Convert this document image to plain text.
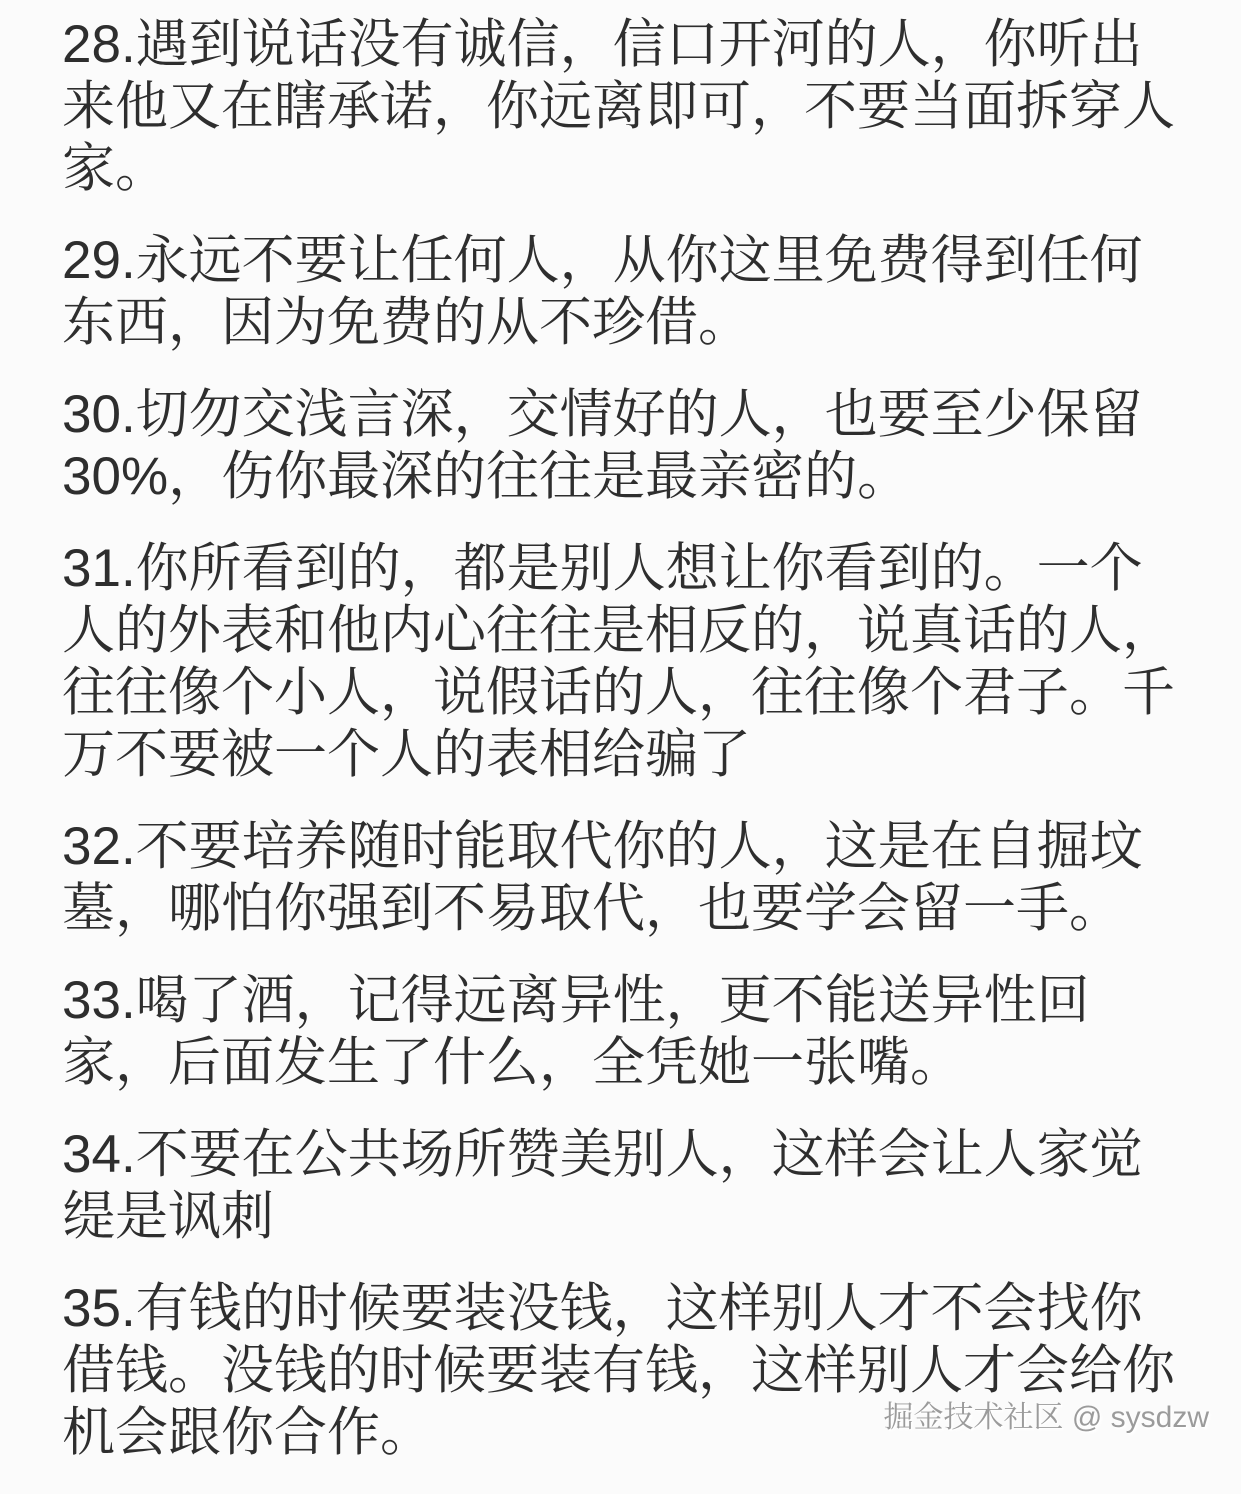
28.遇到说话没有诚信，信口开河的人，你听出来他又在瞎承诺，你远离即可，不要当面拆穿人家。

29.永远不要让任何人，从你这里免费得到任何东西，因为免费的从不珍借。

30.切勿交浅言深，交情好的人，也要至少保留30%，伤你最深的往往是最亲密的。

31.你所看到的，都是别人想让你看到的。一个人的外表和他内心往往是相反的，说真话的人，往往像个小人，说假话的人，往往像个君子。千万不要被一个人的表相给骗了

32.不要培养随时能取代你的人，这是在自掘坟墓，哪怕你强到不易取代，也要学会留一手。

33.喝了酒，记得远离异性，更不能送异性回家，后面发生了什么，全凭她一张嘴。

34.不要在公共场所赞美别人，这样会让人家觉缇是讽刺

35.有钱的时候要装没钱，这样别人才不会找你借钱。没钱的时候要装有钱，这样别人才会给你机会跟你合作。	掘金技术社区 @ sysdzw
